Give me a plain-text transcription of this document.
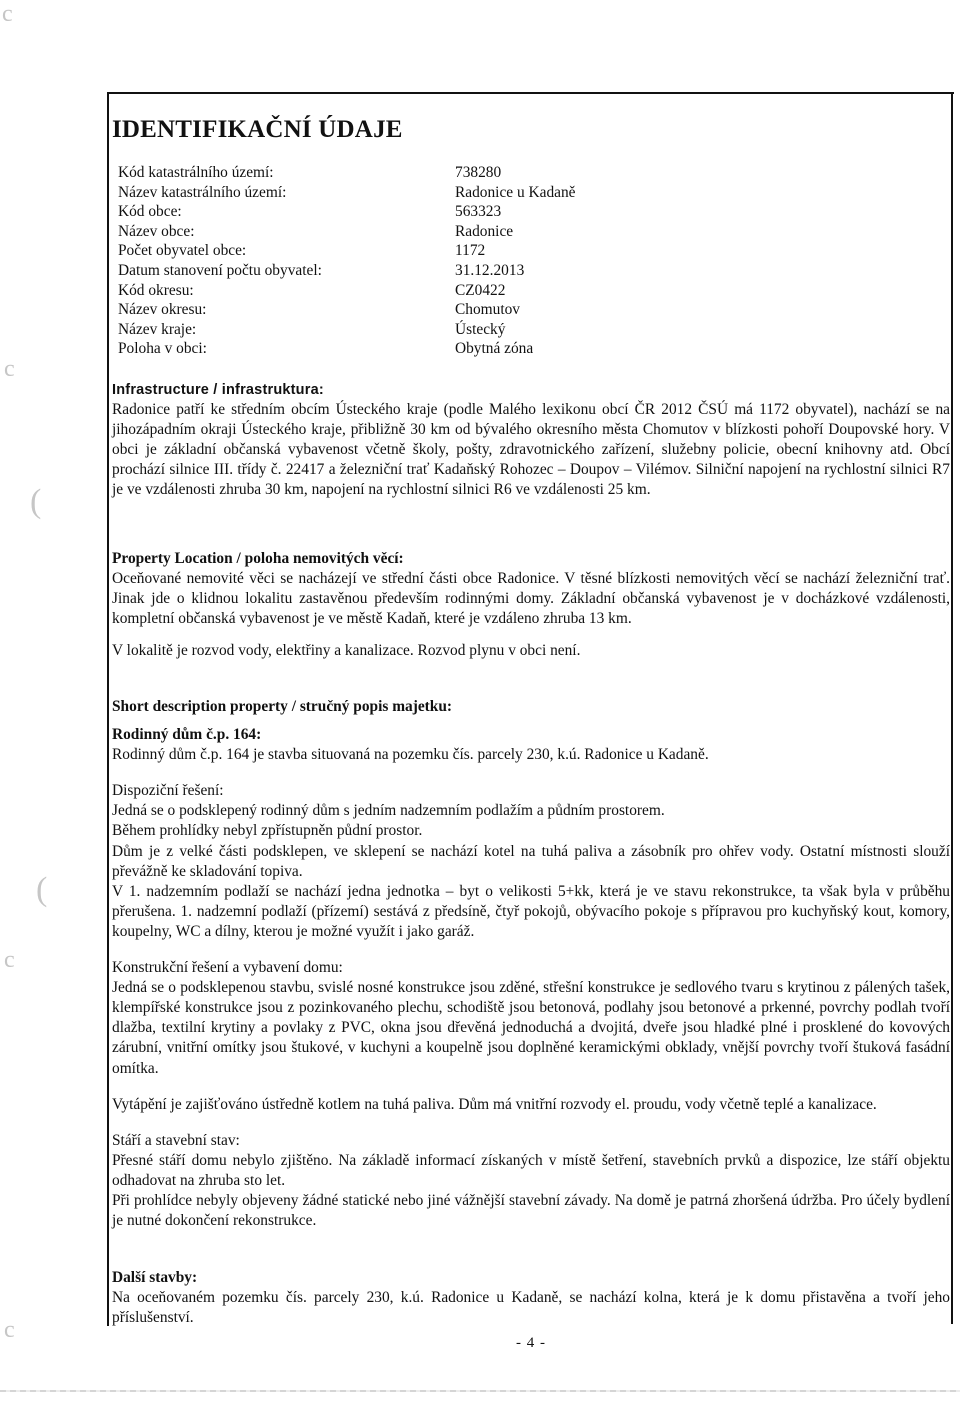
c
c
(
(
c
c
IDENTIFIKAČNÍ ÚDAJE
Kód katastrálního území:	738280
Název katastrálního území:	Radonice u Kadaně
Kód obce:	563323
Název obce:	Radonice
Počet obyvatel obce:	1172
Datum stanovení počtu obyvatel:	31.12.2013
Kód okresu:	CZ0422
Název okresu:	Chomutov
Název kraje:	Ústecký
Poloha v obci:	Obytná zóna

Infrastructure / infrastruktura:

Radonice patří ke středním obcím Ústeckého kraje (podle Malého lexikonu obcí ČR 2012 ČSÚ má 1172 obyvatel), nachází se na jihozápadním okraji Ústeckého kraje, přibližně 30 km od bývalého okresního města Chomutov v blízkosti pohoří Doupovské hory. V obci je základní občanská vybavenost včetně školy, pošty, zdravotnického zařízení, služebny policie, obecní knihovny atd. Obcí prochází silnice III. třídy č. 22417 a železniční trať Kadaňský Rohozec – Doupov – Vilémov. Silniční napojení na rychlostní silnici R7 je ve vzdálenosti zhruba 30 km, napojení na rychlostní silnici R6 ve vzdálenosti 25 km.

Property Location / poloha nemovitých věcí:

Oceňované nemovité věci se nacházejí ve střední části obce Radonice. V těsné blízkosti nemovitých věcí se nachází železniční trať. Jinak jde o klidnou lokalitu zastavěnou především rodinnými domy. Základní občanská vybavenost je v docházkové vzdálenosti, kompletní občanská vybavenost je ve městě Kadaň, které je vzdáleno zhruba 13 km.

V lokalitě je rozvod vody, elektřiny a kanalizace. Rozvod plynu v obci není.

Short description property / stručný popis majetku:

Rodinný dům č.p. 164:

Rodinný dům č.p. 164 je stavba situovaná na pozemku čís. parcely 230, k.ú. Radonice u Kadaně.

Dispoziční řešení:

Jedná se o podsklepený rodinný dům s jedním nadzemním podlažím a půdním prostorem.

Během prohlídky nebyl zpřístupněn půdní prostor.

Dům je z velké části podsklepen, ve sklepení se nachází kotel na tuhá paliva a zásobník pro ohřev vody. Ostatní místnosti slouží převážně ke skladování topiva.

V 1. nadzemním podlaží se nachází jedna jednotka – byt o velikosti 5+kk, která je ve stavu rekonstrukce, ta však byla v průběhu přerušena. 1. nadzemní podlaží (přízemí) sestává z předsíně, čtyř pokojů, obývacího pokoje s přípravou pro kuchyňský kout, komory, koupelny, WC a dílny, kterou je možné využít i jako garáž.

Konstrukční řešení a vybavení domu:

Jedná se o podsklepenou stavbu, svislé nosné konstrukce jsou zděné, střešní konstrukce je sedlového tvaru s krytinou z pálených tašek, klempířské konstrukce jsou z pozinkovaného plechu, schodiště jsou betonová, podlahy jsou betonové a prkenné, povrchy podlah tvoří dlažba, textilní krytiny a povlaky z PVC, okna jsou dřevěná jednoduchá a dvojitá, dveře jsou hladké plné i prosklené do kovových zárubní, vnitřní omítky jsou štukové, v kuchyni a koupelně jsou doplněné keramickými obklady, vnější povrchy tvoří štuková fasádní omítka.

Vytápění je zajišťováno ústředně kotlem na tuhá paliva. Dům má vnitřní rozvody el. proudu, vody včetně teplé a kanalizace.

Stáří a stavební stav:

Přesné stáří domu nebylo zjištěno. Na základě informací získaných v místě šetření, stavebních prvků a dispozice, lze stáří objektu odhadovat na zhruba sto let.

Při prohlídce nebyly objeveny žádné statické nebo jiné vážnější stavební závady. Na domě je patrná zhoršená údržba. Pro účely bydlení je nutné dokončení rekonstrukce.

Další stavby:

Na oceňovaném pozemku čís. parcely 230, k.ú. Radonice u Kadaně, se nachází kolna, která je k domu přistavěna a tvoří jeho příslušenství.

- 4 -
